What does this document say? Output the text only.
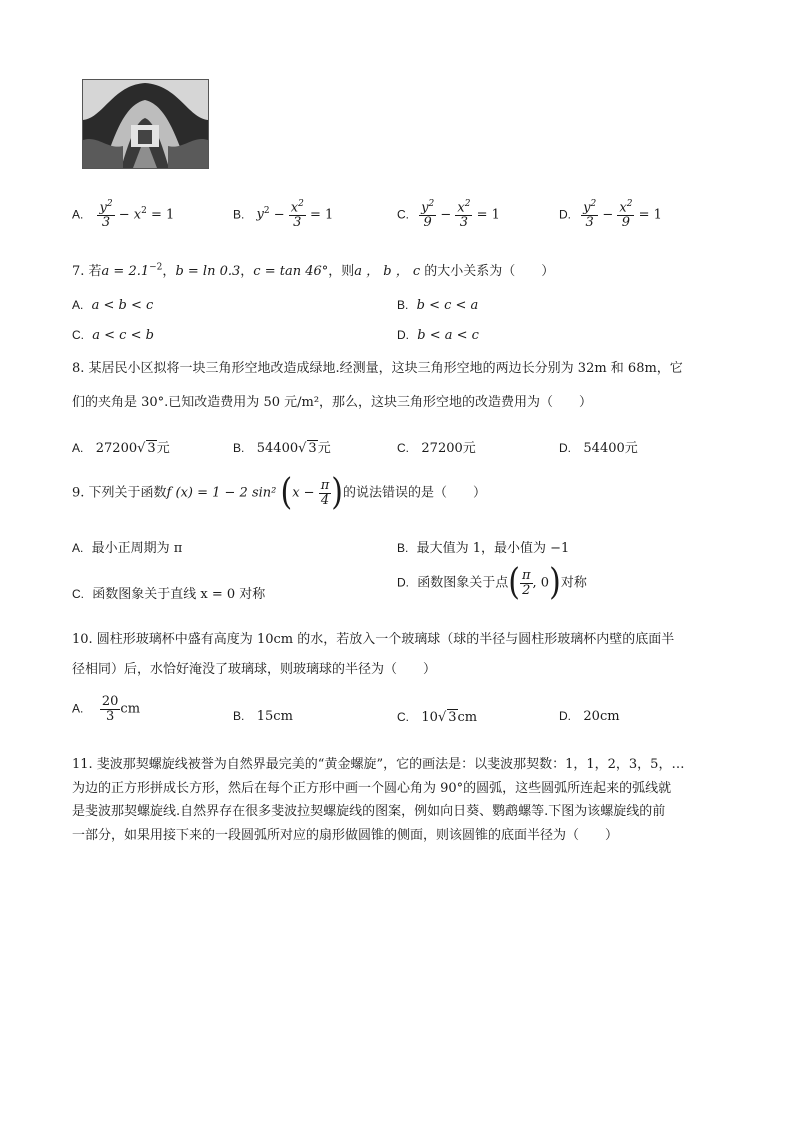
A. $\frac{y^2}{3} - x^2 = 1$	B. $y^2 - \frac{x^2}{3} = 1$	C. $\frac{y^2}{9} - \frac{x^2}{3} = 1$	D. $\frac{y^2}{3} - \frac{x^2}{9} = 1$
7. 若$a = 2.1^{-2}$，b = ln 0.3，c = tan 46°，则a ， b ， c 的大小关系为（　　）
A. a < b < c	B. b < c < a
C. a < c < b	D. b < a < c
8. 某居民小区拟将一块三角形空地改造成绿地.经测量，这块三角形空地的两边长分别为 32m 和 68m，它
们的夹角是 30°.已知改造费用为 50 元/m²，那么，这块三角形空地的改造费用为（　　）
A. 27200√ 3元	B. 54400√ 3元	C. 27200元	D. 54400元
9. 下列关于函数f (x) = 1 − 2 sin² ($x - \frac{\pi}{4}$ )的说法错误的是（　　）
A. 最小正周期为 π	B. 最大值为 1，最小值为 −1
C. 函数图象关于直线 x = 0 对称
D. 函数图象关于点( $\frac{\pi}{2}$ , 0)对称
10. 圆柱形玻璃杯中盛有高度为 10cm 的水，若放入一个玻璃球（球的半径与圆柱形玻璃杯内壁的底面半
径相同）后，水恰好淹没了玻璃球，则玻璃球的半径为（　　）
A. $\frac{20}{3}$ cm	B. 15cm	C. 10√ 3cm	D. 20cm
11. 斐波那契螺旋线被誉为自然界最完美的“黄金螺旋”，它的画法是：以斐波那契数：1，1，2，3，5，…
为边的正方形拼成长方形，然后在每个正方形中画一个圆心角为 90°的圆弧，这些圆弧所连起来的弧线就
是斐波那契螺旋线.自然界存在很多斐波拉契螺旋线的图案，例如向日葵、鹦鹉螺等.下图为该螺旋线的前
一部分，如果用接下来的一段圆弧所对应的扇形做圆锥的侧面，则该圆锥的底面半径为（　　）
